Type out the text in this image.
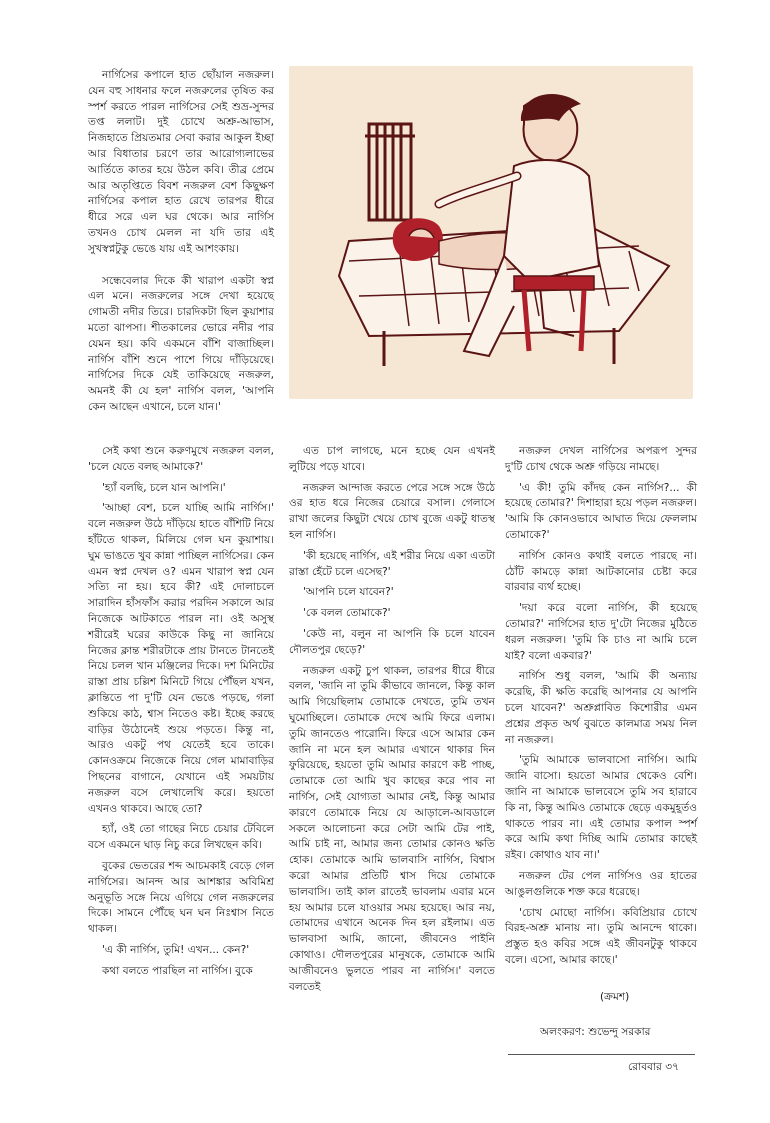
নার্গিসের কপালে হাত ছোঁয়াল নজরুল। যেন বহু সাধনার ফলে নজরুলের তৃষিত কর স্পর্শ করতে পারল নার্গিসের সেই শুভ্র-সুন্দর তপ্ত ললাট। দুই চোখে অশ্রু-আভাস, নিজহাতে প্রিয়তমার সেবা করার আকুল ইচ্ছা আর বিধাতার চরণে তার আরোগ্যলাভের আর্তিতে কাতর হয়ে উঠল কবি। তীব্র প্রেমে আর অতৃপ্তিতে বিবশ নজরুল বেশ কিছুক্ষণ নার্গিসের কপাল হাত রেখে তারপর ধীরে ধীরে সরে এল ঘর থেকে। আর নার্গিস তখনও চোখ মেলল না যদি তার এই সুখস্বপ্নটুকু ভেঙে যায় এই আশংকায়।

সন্ধেবেলার দিকে কী খারাপ একটা স্বপ্ন এল মনে। নজরুলের সঙ্গে দেখা হয়েছে গোমতী নদীর তিরে। চারদিকটা ছিল কুয়াশার মতো ঝাপসা। শীতকালের ভোরে নদীর পার যেমন হয়। কবি একমনে বাঁশি বাজাচ্ছিল। নার্গিস বাঁশি শুনে পাশে গিয়ে দাঁড়িয়েছে। নার্গিসের দিকে যেই তাকিয়েছে নজরুল, অমনই কী যে হল' নার্গিস বলল, 'আপনি কেন আছেন এখানে, চলে যান।'

সেই কথা শুনে করুণমুখে নজরুল বলল, 'চলে যেতে বলছ আমাকে?'

'হ্যাঁ বলছি, চলে যান আপনি।'

'আচ্ছা বেশ, চলে যাচ্ছি আমি নার্গিস।' বলে নজরুল উঠে দাঁড়িয়ে হাতে বাঁশিটি নিয়ে হাঁটতে থাকল, মিলিয়ে গেল ঘন কুয়াশায়। ঘুম ভাঙতে খুব কান্না পাচ্ছিল নার্গিসের। কেন এমন স্বপ্ন দেখল ও? এমন খারাপ স্বপ্ন যেন সত্যি না হয়। হবে কী? এই দোলাচলে সারাদিন হাঁসফাঁস করার পরদিন সকালে আর নিজেকে আটকাতে পারল না। ওই অসুস্থ শরীরেই ঘরের কাউকে কিছু না জানিয়ে নিজের ক্লান্ত শরীরটাকে প্রায় টানতে টানতেই নিয়ে চলল খান মঞ্জিলের দিকে। দশ মিনিটের রাস্তা প্রায় চল্লিশ মিনিটে গিয়ে পৌঁছল যখন, ক্লান্তিতে পা দু'টি যেন ভেঙে পড়ছে, গলা শুকিয়ে কাঠ, শ্বাস নিতেও কষ্ট। ইচ্ছে করছে বাড়ির উঠোনেই শুয়ে পড়তে। কিন্তু না, আরও একটু পথ যেতেই হবে তাকে। কোনওক্রমে নিজেকে নিয়ে গেল মামাবাড়ির পিছনের বাগানে, যেখানে এই সময়টায় নজরুল বসে লেখালেখি করে। হয়তো এখনও থাকবে। আছে তো?

হ্যাঁ, ওই তো গাছের নিচে চেয়ার টেবিলে বসে একমনে ঘাড় নিচু করে লিখছেন কবি।

বুকের ভেতরের শব্দ আচমকাই বেড়ে গেল নার্গিসের। আনন্দ আর আশঙ্কার অবিমিশ্র অনুভূতি সঙ্গে নিয়ে এগিয়ে গেল নজরুলের দিকে। সামনে পৌঁছে ঘন ঘন নিঃশ্বাস নিতে থাকল।

'এ কী নার্গিস, তুমি! এখন... কেন?'

কথা বলতে পারছিল না নার্গিস। বুকে

এত চাপ লাগছে, মনে হচ্ছে যেন এখনই লুটিয়ে পড়ে যাবে।

নজরুল আন্দাজ করতে পেরে সঙ্গে সঙ্গে উঠে ওর হাত ধরে নিজের চেয়ারে বসাল। গেলাসে রাখা জলের কিছুটা খেয়ে চোখ বুজে একটু ধাতস্থ হল নার্গিস।

'কী হয়েছে নার্গিস, এই শরীর নিয়ে একা এতটা রাস্তা হেঁটে চলে এসেছ?'

'আপনি চলে যাবেন?'

'কে বলল তোমাকে?'

'কেউ না, বলুন না আপনি কি চলে যাবেন দৌলতপুর ছেড়ে?'

নজরুল একটু চুপ থাকল, তারপর ধীরে ধীরে বলল, 'জানি না তুমি কীভাবে জানলে, কিন্তু কাল আমি গিয়েছিলাম তোমাকে দেখতে, তুমি তখন ঘুমোচ্ছিলে। তোমাকে দেখে আমি ফিরে এলাম। তুমি জানতেও পারোনি। ফিরে এসে আমার কেন জানি না মনে হল আমার এখানে থাকার দিন ফুরিয়েছে, হয়তো তুমি আমার কারণে কষ্ট পাচ্ছ, তোমাকে তো আমি খুব কাছের করে পাব না নার্গিস, সেই যোগ্যতা আমার নেই, কিন্তু আমার কারণে তোমাকে নিয়ে যে আড়ালে-আবডালে সকলে আলোচনা করে সেটা আমি টের পাই, আমি চাই না, আমার জন্য তোমার কোনও ক্ষতি হোক। তোমাকে আমি ভালবাসি নার্গিস, বিশ্বাস করো আমার প্রতিটি শ্বাস দিয়ে তোমাকে ভালবাসি। তাই কাল রাতেই ভাবলাম এবার মনে হয় আমার চলে যাওয়ার সময় হয়েছে। আর নয়, তোমাদের এখানে অনেক দিন হল রইলাম। এত ভালবাসা আমি, জানো, জীবনেও পাইনি কোথাও। দৌলতপুরের মানুষকে, তোমাকে আমি আজীবনেও ভুলতে পারব না নার্গিস।' বলতে বলতেই

নজরুল দেখল নার্গিসের অপরূপ সুন্দর দু'টি চোখ থেকে অশ্রু গড়িয়ে নামছে।

'এ কী! তুমি কাঁদছ কেন নার্গিস?... কী হয়েছে তোমার?' দিশাহারা হয়ে পড়ল নজরুল। 'আমি কি কোনওভাবে আঘাত দিয়ে ফেললাম তোমাকে?'

নার্গিস কোনও কথাই বলতে পারছে না। ঠোঁট কামড়ে কান্না আটকানোর চেষ্টা করে বারবার ব্যর্থ হচ্ছে।

'দয়া করে বলো নার্গিস, কী হয়েছে তোমার?' নার্গিসের হাত দু'টো নিজের মুঠিতে ধরল নজরুল। 'তুমি কি চাও না আমি চলে যাই? বলো একবার?'

নার্গিস শুধু বলল, 'আমি কী অন্যায় করেছি, কী ক্ষতি করেছি আপনার যে আপনি চলে যাবেন?' অশ্রুপ্লাবিত কিশোরীর এমন প্রশ্নের প্রকৃত অর্থ বুঝতে কালমাত্র সময় নিল না নজরুল।

'তুমি আমাকে ভালবাসো নার্গিস। আমি জানি বাসো। হয়তো আমার থেকেও বেশি। জানি না আমাকে ভালবেসে তুমি সব হারাবে কি না, কিন্তু আমিও তোমাকে ছেড়ে একমুহূর্তও থাকতে পারব না। এই তোমার কপাল স্পর্শ করে আমি কথা দিচ্ছি আমি তোমার কাছেই রইব। কোথাও যাব না।'

নজরুল টের পেল নার্গিসও ওর হাতের আঙুলগুলিকে শক্ত করে ধরেছে।

'চোখ মোছো নার্গিস। কবিপ্রিয়ার চোখে বিরহ-অশ্রু মানায় না। তুমি আনন্দে থাকো। প্রস্তুত হও কবির সঙ্গে এই জীবনটুকু থাকবে বলে। এসো, আমার কাছে।'

(ক্রমশ)
অলংকরণ: শুভেন্দু সরকার
রোববার ৩৭
